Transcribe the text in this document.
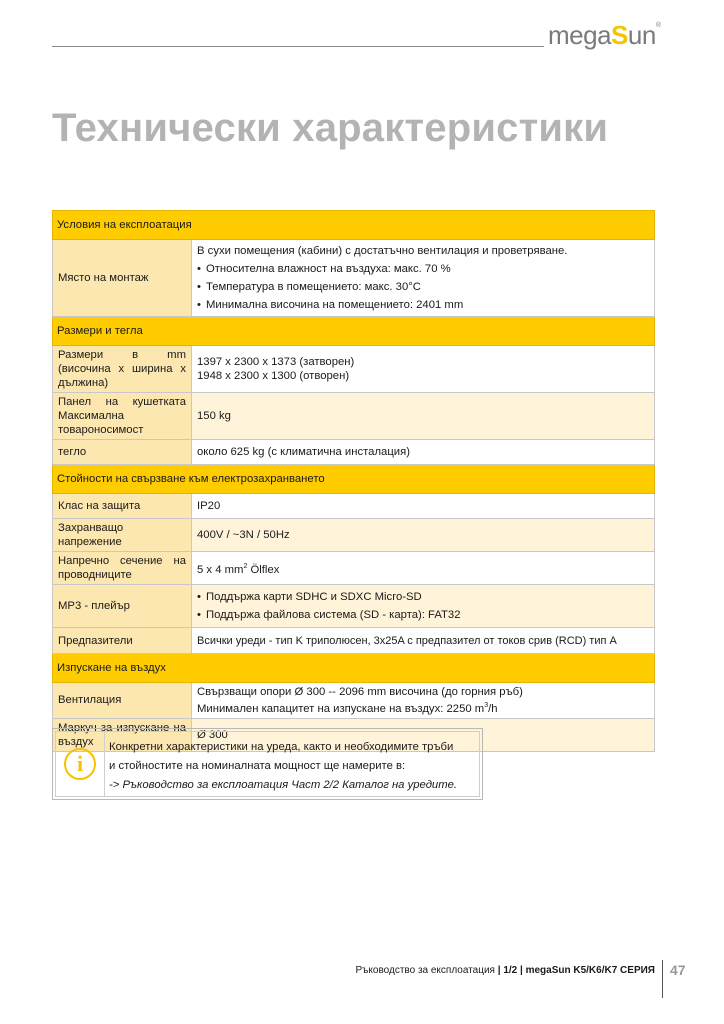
megaSun®
Технически характеристики
Условия на експлоатация	
Място на монтаж	В сухи помещения (кабини) с достатъчно вентилация и проветряване.
• Относителна влажност на въздуха: макс. 70 %
• Температура в помещението: макс. 30°C
• Минимална височина на помещението: 2401 mm

Размери и тегла	
Размери в mm (височина х ширина х дължина)	1397 x 2300 x 1373 (затворен)
1948 x 2300 x 1300 (отворен)

Панел на кушетката Максимална товароносимост	150 kg
тегло	около 625 kg (с климатична инсталация)
Стойности на свързване към електрозахранването	
Клас на защита	IP20
Захранващо напрежение	400V / ~3N / 50Hz
Напречно сечение на проводниците	5 x 4 $mm^2$ Ölflex
MP3 - плейър	• Поддържа карти SDHC и SDXC Micro-SD
• Поддържа файлова система (SD - карта): FAT32

Предпазители	Всички уреди - тип K триполюсен, 3x25A с предпазител от токов срив (RCD) тип A
Изпускане на въздух	
Вентилация	Свързващи опори Ø 300 -- 2096 mm височина (до горния ръб)
Минимален капацитет на изпускане на въздух: 2250 $m^3/h$

Маркуч за изпускане на въздух	Ø 300
i
Конкретни характеристики на уреда, както и необходимите тръби
и стойностите на номиналната мощност ще намерите в:
-> Ръководство за експлоатация Част 2/2 Каталог на уредите.
Ръководство за експлоатация | 1/2 | megaSun K5/K6/K7 СЕРИЯ 47
